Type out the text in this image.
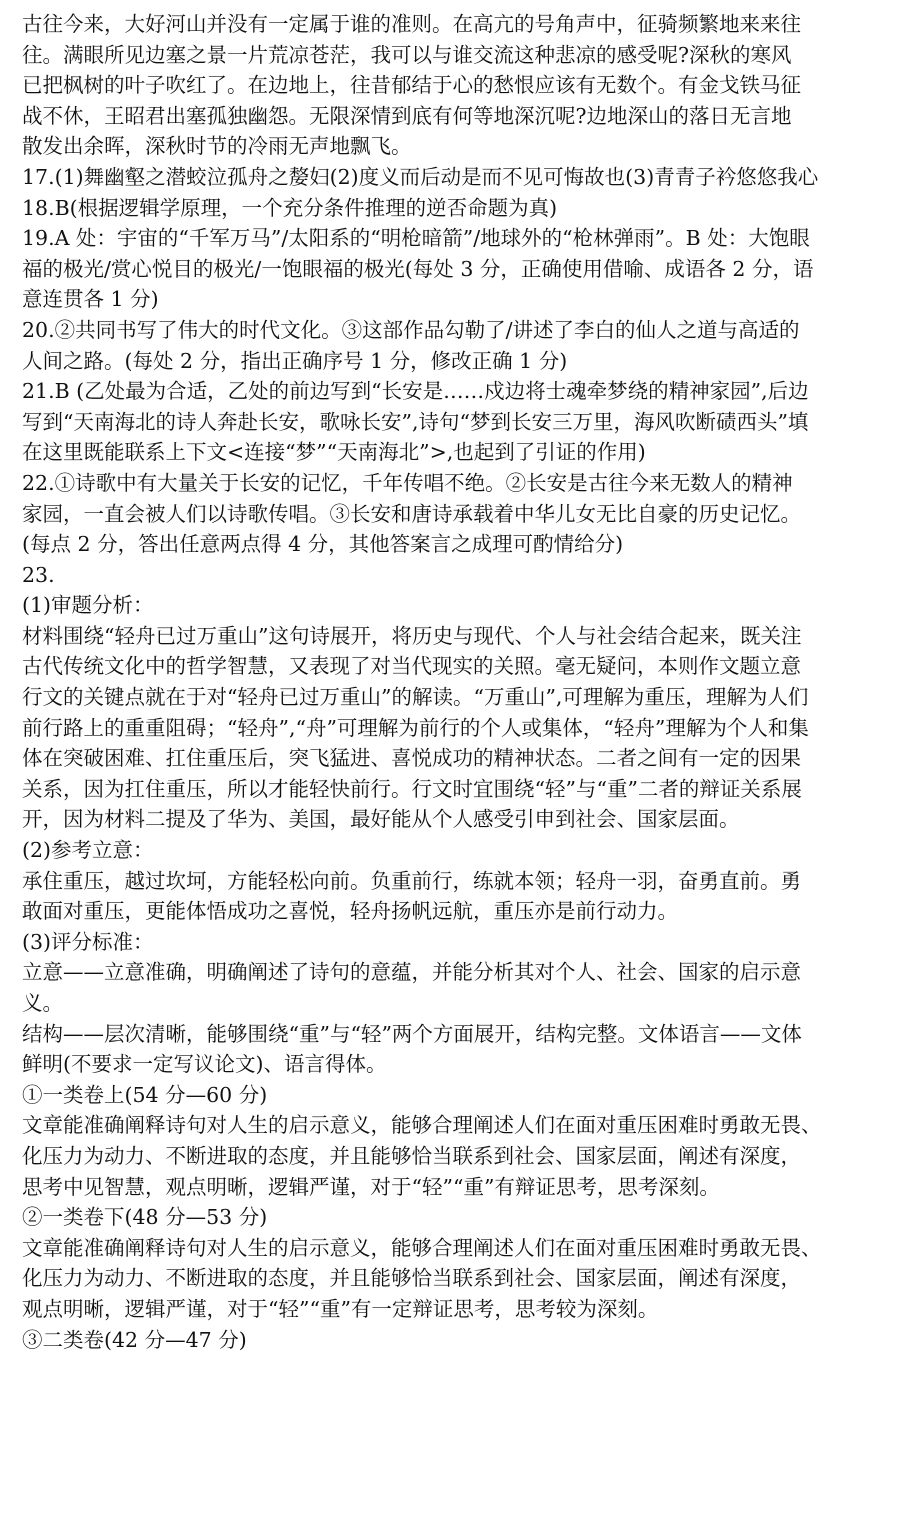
古往今来，大好河山并没有一定属于谁的准则。在高亢的号角声中，征骑频繁地来来往
往。满眼所见边塞之景一片荒凉苍茫，我可以与谁交流这种悲凉的感受呢?深秋的寒风
已把枫树的叶子吹红了。在边地上，往昔郁结于心的愁恨应该有无数个。有金戈铁马征
战不休，王昭君出塞孤独幽怨。无限深情到底有何等地深沉呢?边地深山的落日无言地
散发出余晖，深秋时节的冷雨无声地飘飞。
17.(1)舞幽壑之潜蛟泣孤舟之嫠妇(2)度义而后动是而不见可悔故也(3)青青子衿悠悠我心
18.B(根据逻辑学原理，一个充分条件推理的逆否命题为真)
19.A 处：宇宙的“千军万马”/太阳系的“明枪暗箭”/地球外的“枪林弹雨”。B 处：大饱眼
福的极光/赏心悦目的极光/一饱眼福的极光(每处 3 分，正确使用借喻、成语各 2 分，语
意连贯各 1 分)
20.②共同书写了伟大的时代文化。③这部作品勾勒了/讲述了李白的仙人之道与高适的
人间之路。(每处 2 分，指出正确序号 1 分，修改正确 1 分)
21.B (乙处最为合适，乙处的前边写到“长安是……戍边将士魂牵梦绕的精神家园”,后边
写到“天南海北的诗人奔赴长安，歌咏长安”,诗句“梦到长安三万里，海风吹断碛西头”填
在这里既能联系上下文<连接“梦”“天南海北”>,也起到了引证的作用)
22.①诗歌中有大量关于长安的记忆，千年传唱不绝。②长安是古往今来无数人的精神
家园，一直会被人们以诗歌传唱。③长安和唐诗承载着中华儿女无比自豪的历史记忆。
(每点 2 分，答出任意两点得 4 分，其他答案言之成理可酌情给分)
23.
(1)审题分析：
材料围绕“轻舟已过万重山”这句诗展开，将历史与现代、个人与社会结合起来，既关注
古代传统文化中的哲学智慧，又表现了对当代现实的关照。毫无疑问，本则作文题立意
行文的关键点就在于对“轻舟已过万重山”的解读。“万重山”,可理解为重压，理解为人们
前行路上的重重阻碍；“轻舟”,“舟”可理解为前行的个人或集体，“轻舟”理解为个人和集
体在突破困难、扛住重压后，突飞猛进、喜悦成功的精神状态。二者之间有一定的因果
关系，因为扛住重压，所以才能轻快前行。行文时宜围绕“轻”与“重”二者的辩证关系展
开，因为材料二提及了华为、美国，最好能从个人感受引申到社会、国家层面。
(2)参考立意：
承住重压，越过坎坷，方能轻松向前。负重前行，练就本领；轻舟一羽，奋勇直前。勇
敢面对重压，更能体悟成功之喜悦，轻舟扬帆远航，重压亦是前行动力。
(3)评分标准：
立意——立意准确，明确阐述了诗句的意蕴，并能分析其对个人、社会、国家的启示意
义。
结构——层次清晰，能够围绕“重”与“轻”两个方面展开，结构完整。文体语言——文体
鲜明(不要求一定写议论文)、语言得体。
①一类卷上(54 分—60 分)
文章能准确阐释诗句对人生的启示意义，能够合理阐述人们在面对重压困难时勇敢无畏、
化压力为动力、不断进取的态度，并且能够恰当联系到社会、国家层面，阐述有深度，
思考中见智慧，观点明晰，逻辑严谨，对于“轻”“重”有辩证思考，思考深刻。
②一类卷下(48 分—53 分)
文章能准确阐释诗句对人生的启示意义，能够合理阐述人们在面对重压困难时勇敢无畏、
化压力为动力、不断进取的态度，并且能够恰当联系到社会、国家层面，阐述有深度，
观点明晰，逻辑严谨，对于“轻”“重”有一定辩证思考，思考较为深刻。
③二类卷(42 分—47 分)
